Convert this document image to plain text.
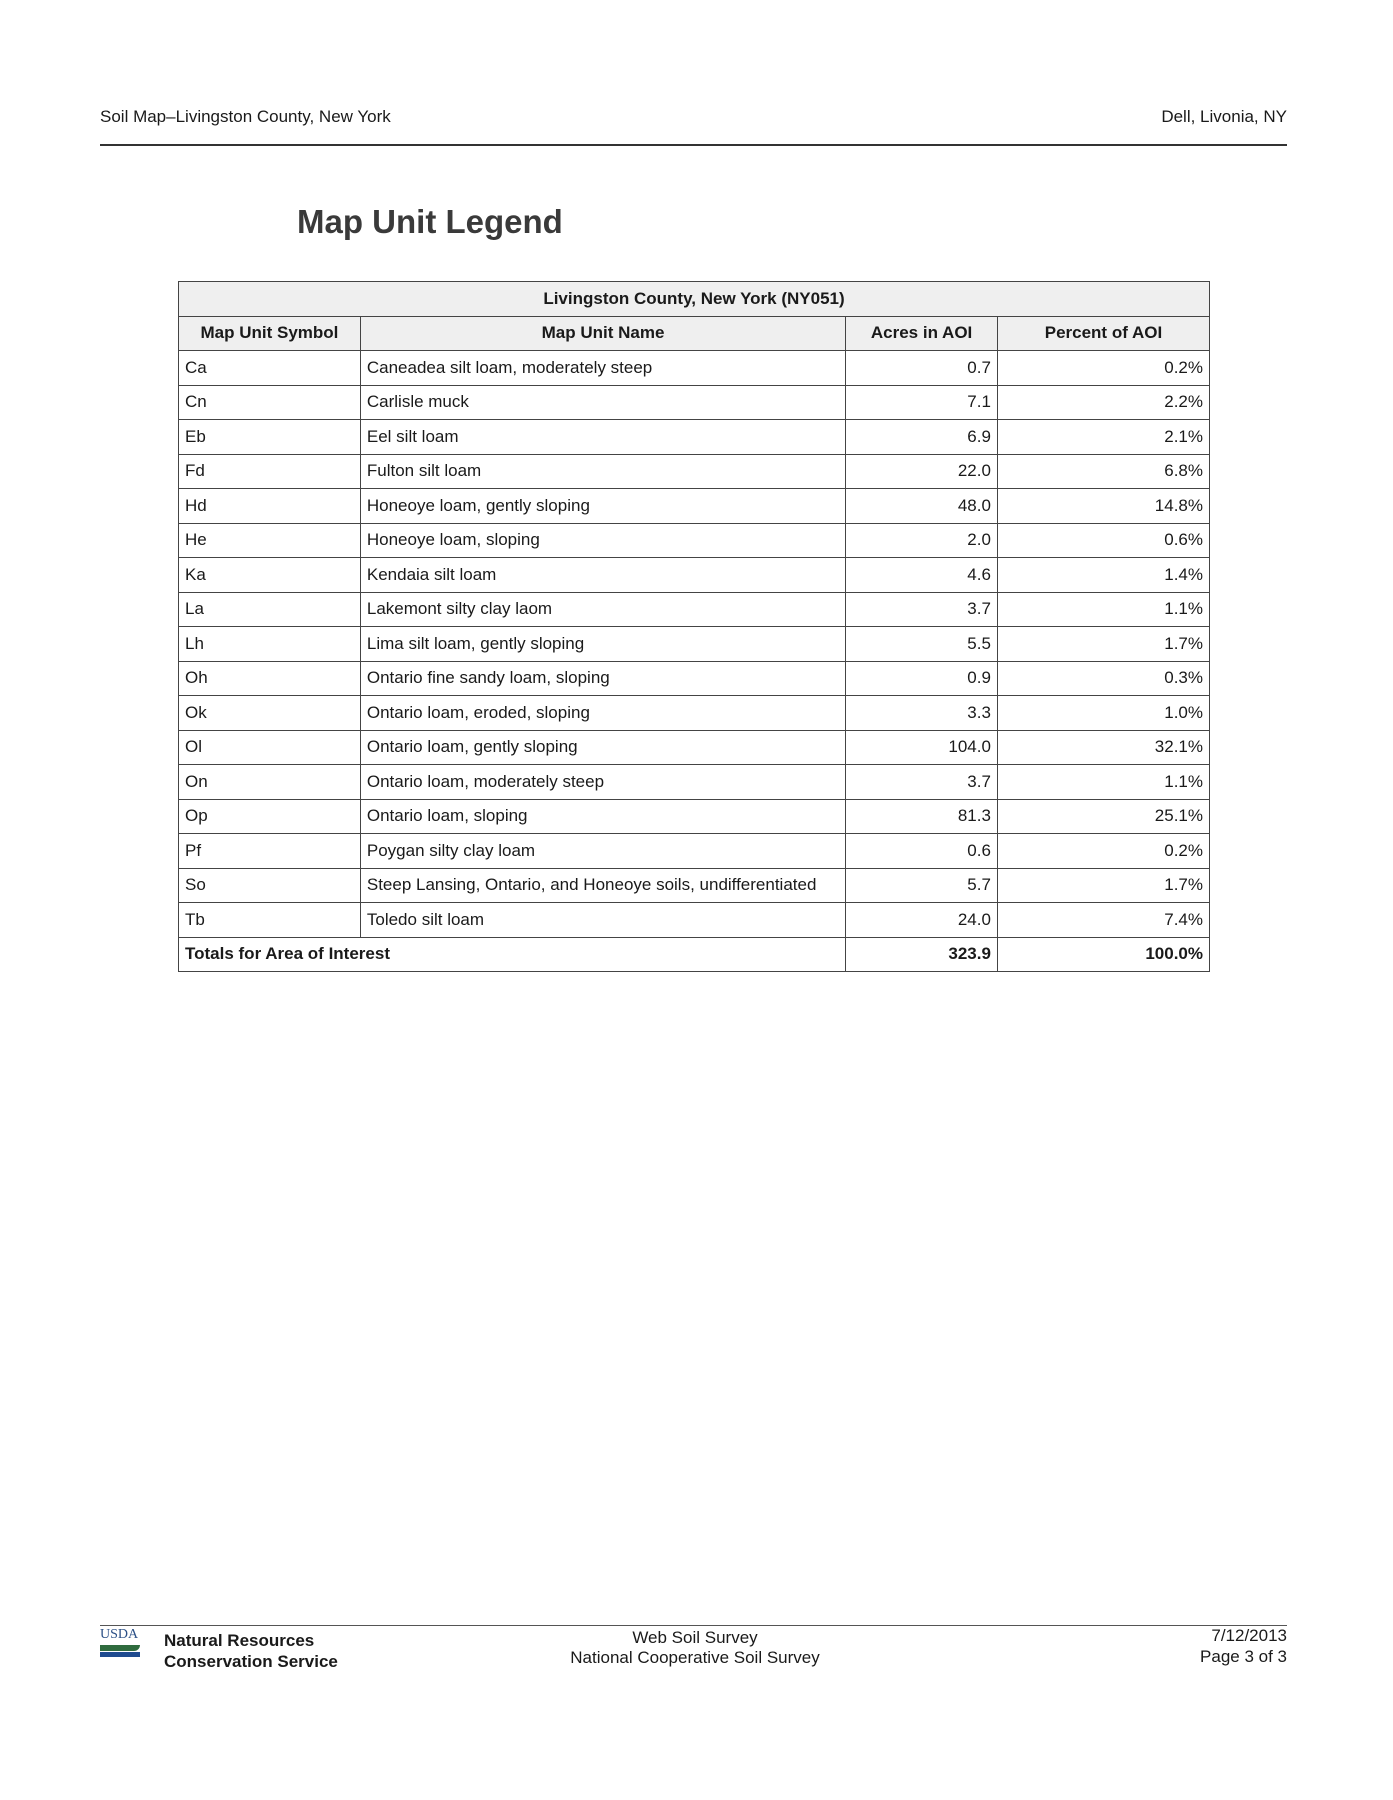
Soil Map–Livingston County, New York	Dell, Livonia, NY
Map Unit Legend
Livingston County, New York (NY051)			
Map Unit Symbol	Map Unit Name	Acres in AOI	Percent of AOI
Ca	Caneadea silt loam, moderately steep	0.7	0.2%
Cn	Carlisle muck	7.1	2.2%
Eb	Eel silt loam	6.9	2.1%
Fd	Fulton silt loam	22.0	6.8%
Hd	Honeoye loam, gently sloping	48.0	14.8%
He	Honeoye loam, sloping	2.0	0.6%
Ka	Kendaia silt loam	4.6	1.4%
La	Lakemont silty clay laom	3.7	1.1%
Lh	Lima silt loam, gently sloping	5.5	1.7%
Oh	Ontario fine sandy loam, sloping	0.9	0.3%
Ok	Ontario loam, eroded, sloping	3.3	1.0%
Ol	Ontario loam, gently sloping	104.0	32.1%
On	Ontario loam, moderately steep	3.7	1.1%
Op	Ontario loam, sloping	81.3	25.1%
Pf	Poygan silty clay loam	0.6	0.2%
So	Steep Lansing, Ontario, and Honeoye soils, undifferentiated	5.7	1.7%
Tb	Toledo silt loam	24.0	7.4%
Totals for Area of Interest		323.9	100.0%
USDA Natural Resources
Conservation Service
Web Soil Survey
National Cooperative Soil Survey
7/12/2013
Page 3 of 3
